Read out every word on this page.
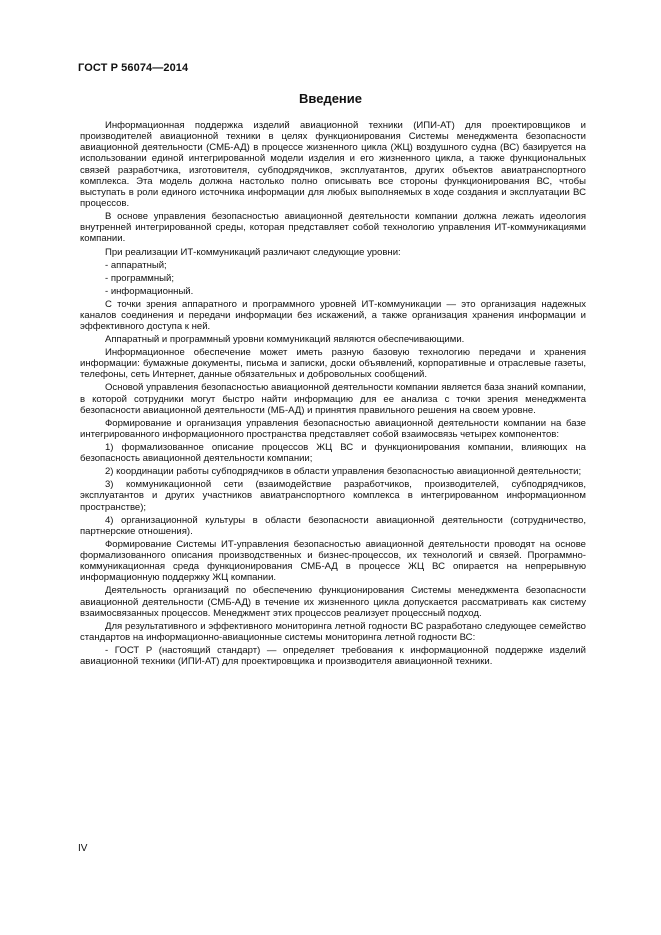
ГОСТ Р 56074—2014
Введение

Информационная поддержка изделий авиационной техники (ИПИ-АТ) для проектировщиков и производителей авиационной техники в целях функционирования Системы менеджмента безопасности авиационной деятельности (СМБ-АД) в процессе жизненного цикла (ЖЦ) воздушного судна (ВС) базируется на использовании единой интегрированной модели изделия и его жизненного цикла, а также функциональных связей разработчика, изготовителя, субподрядчиков, эксплуатантов, других объектов авиатранспортного комплекса. Эта модель должна настолько полно описывать все стороны функционирования ВС, чтобы выступать в роли единого источника информации для любых выполняемых в ходе создания и эксплуатации ВС процессов.

В основе управления безопасностью авиационной деятельности компании должна лежать идеология внутренней интегрированной среды, которая представляет собой технологию управления ИТ-коммуникациями компании.

При реализации ИТ-коммуникаций различают следующие уровни:

- аппаратный;

- программный;

- информационный.

С точки зрения аппаратного и программного уровней ИТ-коммуникации — это организация надежных каналов соединения и передачи информации без искажений, а также организация хранения информации и эффективного доступа к ней.

Аппаратный и программный уровни коммуникаций являются обеспечивающими.

Информационное обеспечение может иметь разную базовую технологию передачи и хранения информации: бумажные документы, письма и записки, доски объявлений, корпоративные и отраслевые газеты, телефоны, сеть Интернет, данные обязательных и добровольных сообщений.

Основой управления безопасностью авиационной деятельности компании является база знаний компании, в которой сотрудники могут быстро найти информацию для ее анализа с точки зрения менеджмента безопасности авиационной деятельности (МБ-АД) и принятия правильного решения на своем уровне.

Формирование и организация управления безопасностью авиационной деятельности компании на базе интегрированного информационного пространства представляет собой взаимосвязь четырех компонентов:

1) формализованное описание процессов ЖЦ ВС и функционирования компании, влияющих на безопасность авиационной деятельности компании;

2) координации работы субподрядчиков в области управления безопасностью авиационной деятельности;

3) коммуникационной сети (взаимодействие разработчиков, производителей, субподрядчиков, эксплуатантов и других участников авиатранспортного комплекса в интегрированном информационном пространстве);

4) организационной культуры в области безопасности авиационной деятельности (сотрудничество, партнерские отношения).

Формирование Системы ИТ-управления безопасностью авиационной деятельности проводят на основе формализованного описания производственных и бизнес-процессов, их технологий и связей. Программно-коммуникационная среда функционирования СМБ-АД в процессе ЖЦ ВС опирается на непрерывную информационную поддержку ЖЦ компании.

Деятельность организаций по обеспечению функционирования Системы менеджмента безопасности авиационной деятельности (СМБ-АД) в течение их жизненного цикла допускается рассматривать как систему взаимосвязанных процессов. Менеджмент этих процессов реализует процессный подход.

Для результативного и эффективного мониторинга летной годности ВС разработано следующее семейство стандартов на информационно-авиационные системы мониторинга летной годности ВС:

- ГОСТ Р (настоящий стандарт) — определяет требования к информационной поддержке изделий авиационной техники (ИПИ-АТ) для проектировщика и производителя авиационной техники.

IV
